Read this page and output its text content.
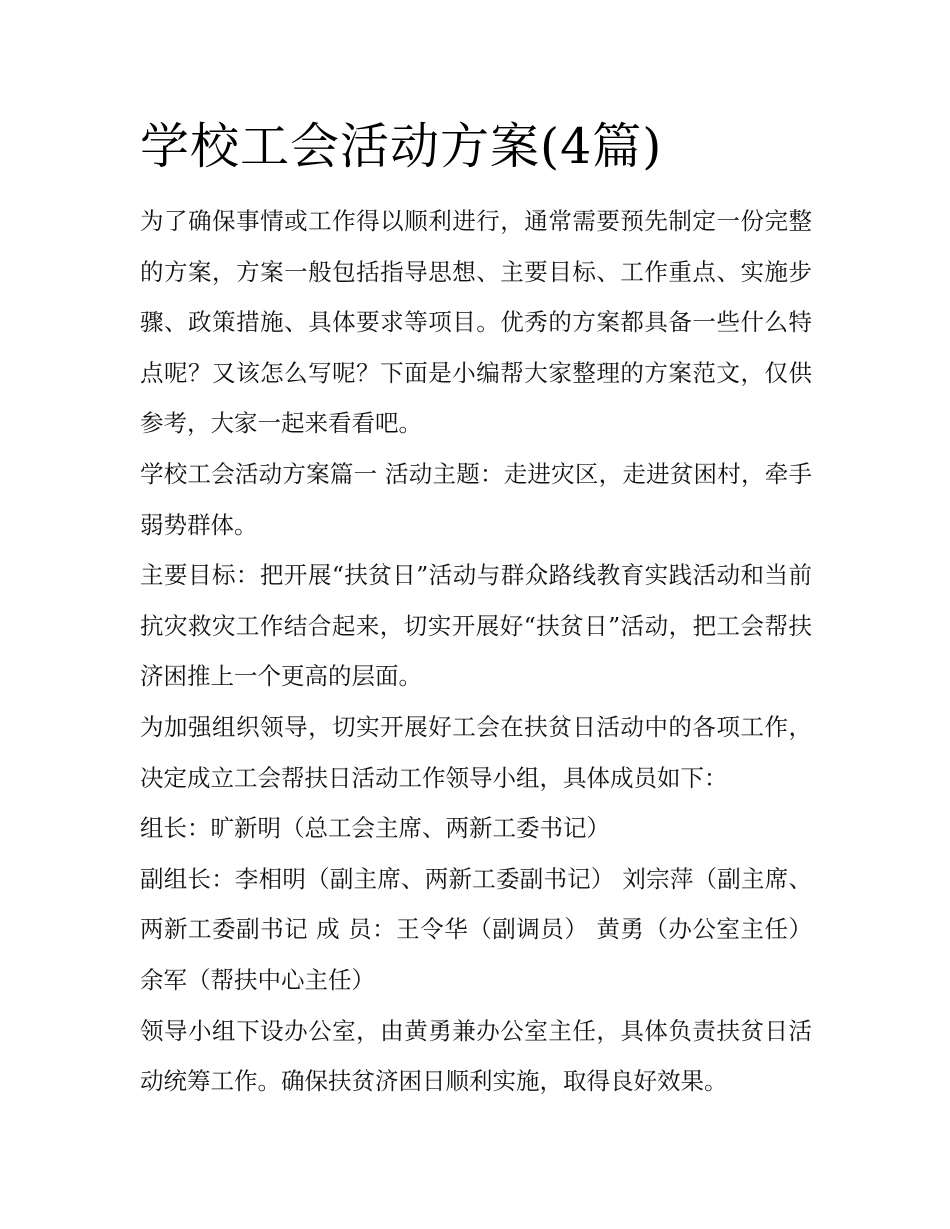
学校工会活动方案(4篇)

为了确保事情或工作得以顺利进行，通常需要预先制定一份完整的方案，方案一般包括指导思想、主要目标、工作重点、实施步骤、政策措施、具体要求等项目。优秀的方案都具备一些什么特点呢？又该怎么写呢？下面是小编帮大家整理的方案范文，仅供参考，大家一起来看看吧。

学校工会活动方案篇一 活动主题：走进灾区，走进贫困村，牵手弱势群体。

主要目标：把开展“扶贫日”活动与群众路线教育实践活动和当前抗灾救灾工作结合起来，切实开展好“扶贫日”活动，把工会帮扶济困推上一个更高的层面。

为加强组织领导，切实开展好工会在扶贫日活动中的各项工作，决定成立工会帮扶日活动工作领导小组，具体成员如下：

组长：旷新明（总工会主席、两新工委书记）

副组长：李相明（副主席、两新工委副书记） 刘宗萍（副主席、两新工委副书记 成 员：王令华（副调员） 黄勇（办公室主任） 余军（帮扶中心主任）

领导小组下设办公室，由黄勇兼办公室主任，具体负责扶贫日活动统筹工作。确保扶贫济困日顺利实施，取得良好效果。
